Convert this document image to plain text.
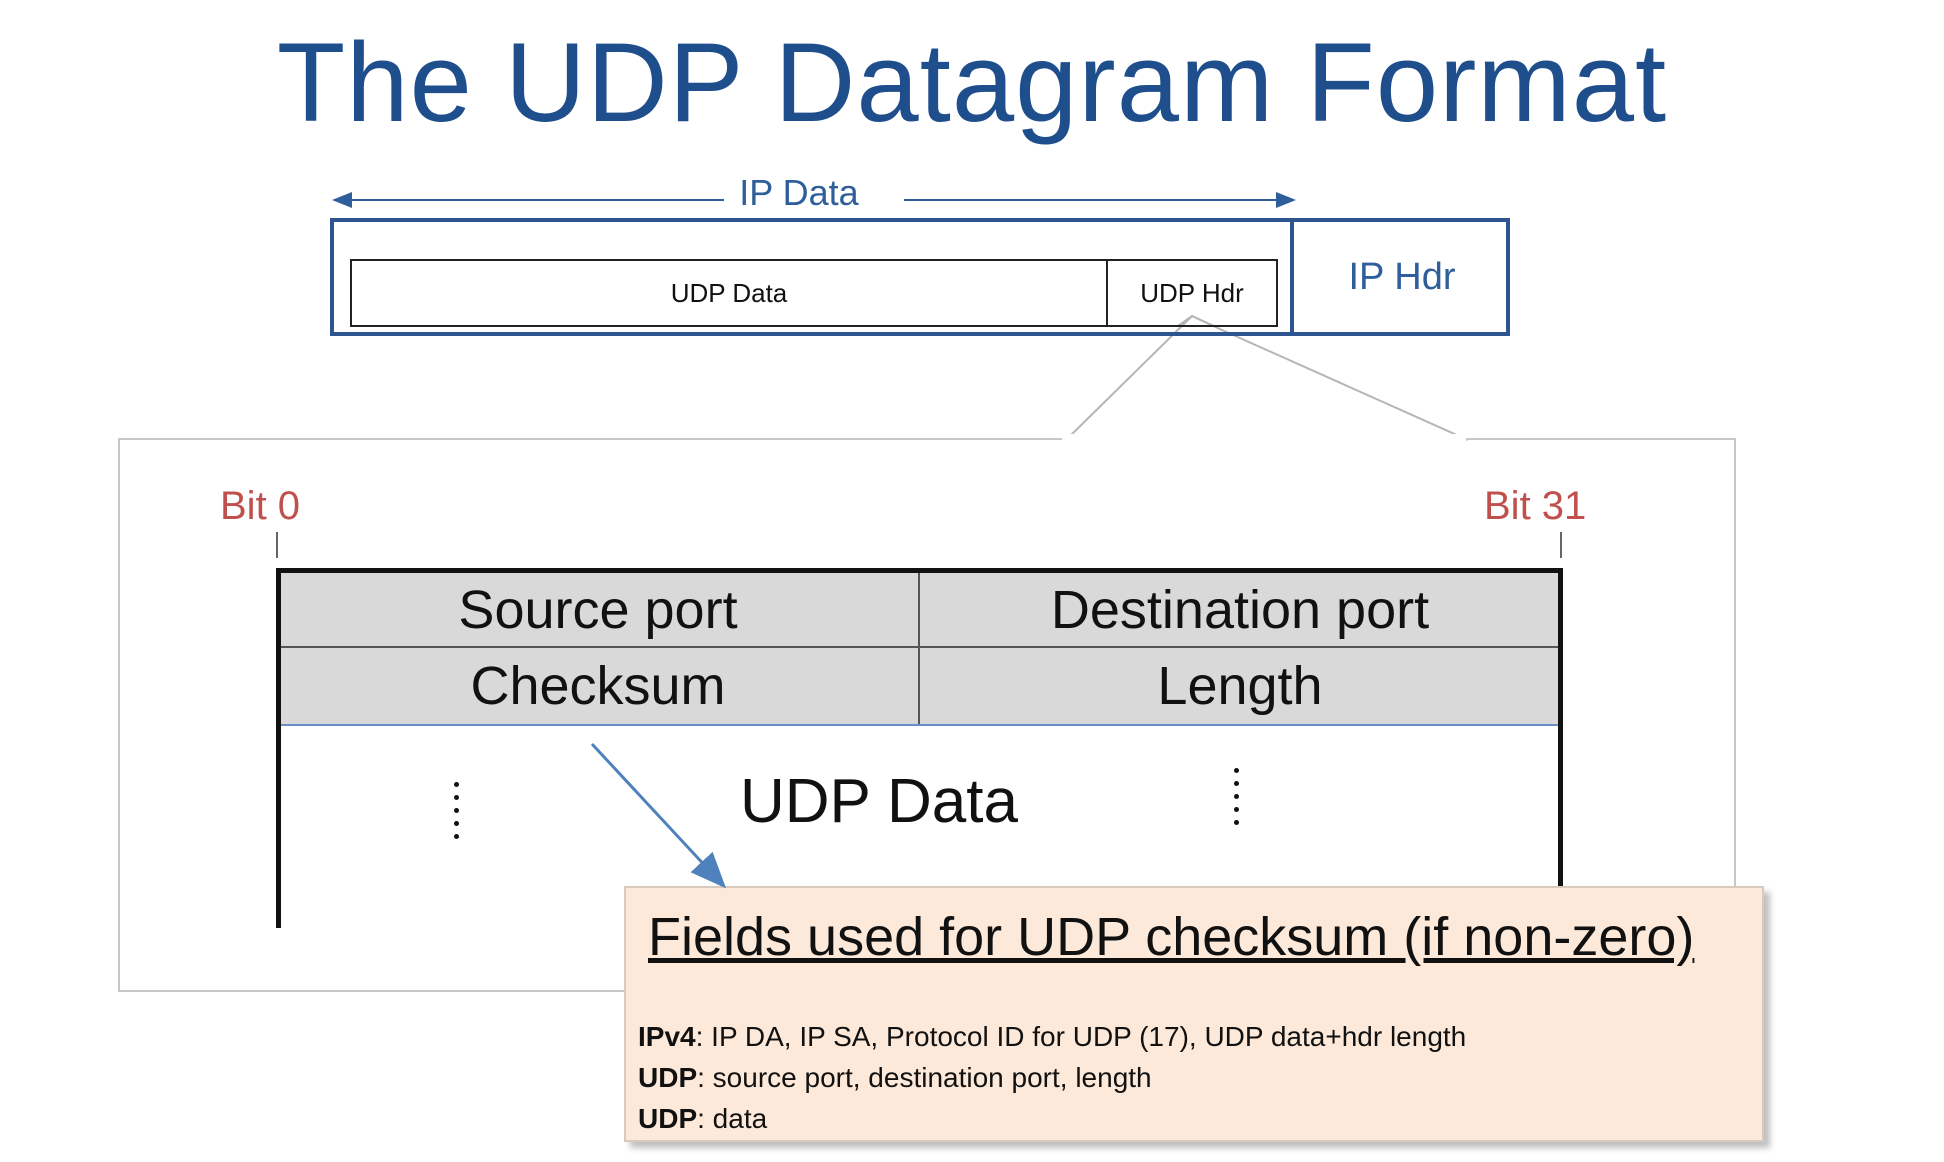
The UDP Datagram Format
IP Data
IP Hdr
UDP Data	UDP Hdr
Bit 0	Bit 31
Source port	Destination port
Checksum	Length
UDP Data
Fields used for UDP checksum (if non-zero)
IPv4: IP DA, IP SA, Protocol ID for UDP (17), UDP data+hdr length
UDP: source port, destination port, length
UDP: data
